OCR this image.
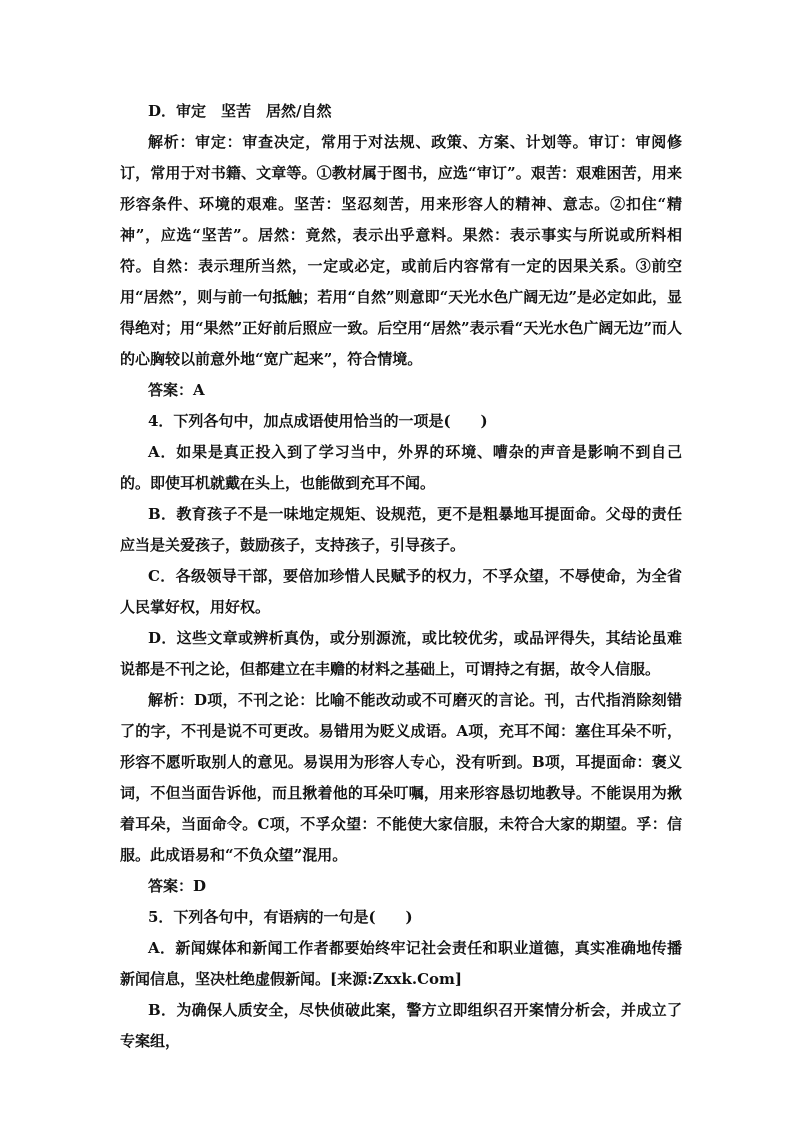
D．审定　坚苦　居然/自然

解析：审定：审查决定，常用于对法规、政策、方案、计划等。审订：审阅修订，常用于对书籍、文章等。①教材属于图书，应选“审订”。艰苦：艰难困苦，用来形容条件、环境的艰难。坚苦：坚忍刻苦，用来形容人的精神、意志。②扣住“精神”，应选“坚苦”。居然：竟然，表示出乎意料。果然：表示事实与所说或所料相符。自然：表示理所当然，一定或必定，或前后内容常有一定的因果关系。③前空用“居然”，则与前一句抵触；若用“自然”则意即“天光水色广阔无边”是必定如此，显得绝对；用“果然”正好前后照应一致。后空用“居然”表示看“天光水色广阔无边”而人的心胸较以前意外地“宽广起来”，符合情境。

答案：A

4．下列各句中，加点成语使用恰当的一项是(　　)

A．如果是真正投入到了学习当中，外界的环境、嘈杂的声音是影响不到自己的。即使耳机就戴在头上，也能做到充耳不闻。

B．教育孩子不是一味地定规矩、设规范，更不是粗暴地耳提面命。父母的责任应当是关爱孩子，鼓励孩子，支持孩子，引导孩子。

C．各级领导干部，要倍加珍惜人民赋予的权力，不孚众望，不辱使命，为全省人民掌好权，用好权。

D．这些文章或辨析真伪，或分别源流，或比较优劣，或品评得失，其结论虽难说都是不刊之论，但都建立在丰赡的材料之基础上，可谓持之有据，故令人信服。

解析：D项，不刊之论：比喻不能改动或不可磨灭的言论。刊，古代指消除刻错了的字，不刊是说不可更改。易错用为贬义成语。A项，充耳不闻：塞住耳朵不听，形容不愿听取别人的意见。易误用为形容人专心，没有听到。B项，耳提面命：褒义词，不但当面告诉他，而且揪着他的耳朵叮嘱，用来形容恳切地教导。不能误用为揪着耳朵，当面命令。C项，不孚众望：不能使大家信服，未符合大家的期望。孚：信服。此成语易和“不负众望”混用。

答案：D

5．下列各句中，有语病的一句是(　　)

A．新闻媒体和新闻工作者都要始终牢记社会责任和职业道德，真实准确地传播新闻信息，坚决杜绝虚假新闻。[来源:Zxxk.Com]

B．为确保人质安全，尽快侦破此案，警方立即组织召开案情分析会，并成立了专案组，
